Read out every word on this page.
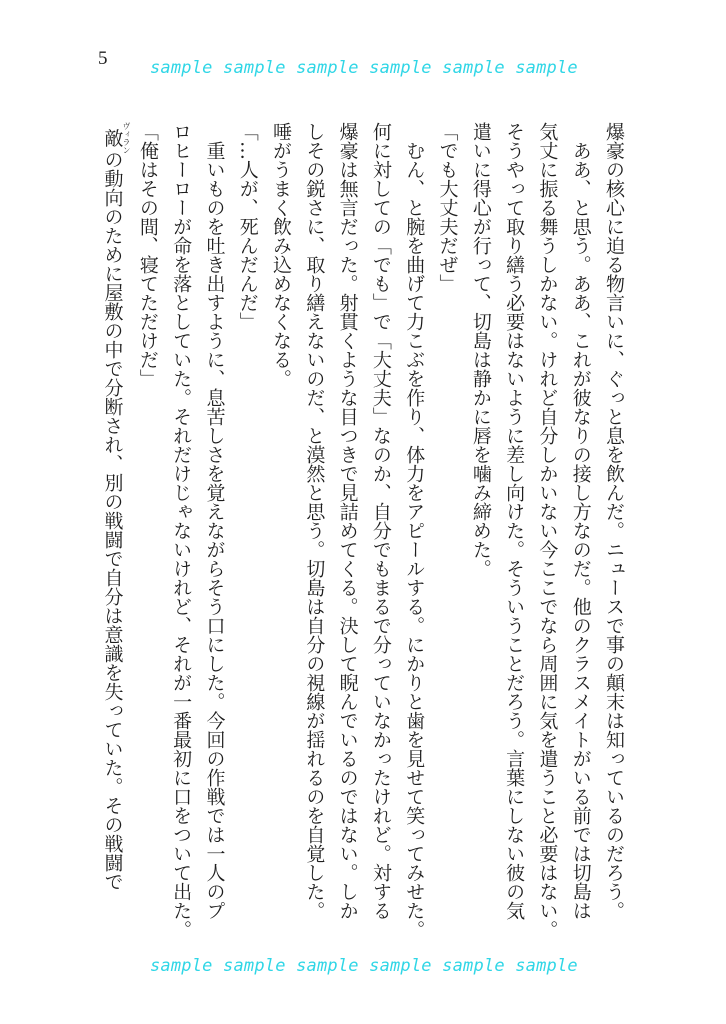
5	sample sample sample sample sample sample
爆豪の核心に迫る物言いに、ぐっと息を飲んだ。ニュースで事の顛末は知っているのだろう。
ああ、と思う。ああ、これが彼なりの接し方なのだ。他のクラスメイトがいる前では切島は
気丈に振る舞うしかない。けれど自分しかいない今ここでなら周囲に気を遣うこと必要はない。
そうやって取り繕う必要はないように差し向けた。そういうことだろう。言葉にしない彼の気
遣いに得心が行って、切島は静かに唇を噛み締めた。
「でも大丈夫だぜ」
むん、と腕を曲げて力こぶを作り、体力をアピールする。にかりと歯を見せて笑ってみせた。
何に対しての「でも」で「大丈夫」なのか、自分でもまるで分っていなかったけれど。対する
爆豪は無言だった。射貫くような目つきで見詰めてくる。決して睨んでいるのではない。しか
しその鋭さに、取り繕えないのだ、と漠然と思う。切島は自分の視線が揺れるのを自覚した。
唾がうまく飲み込めなくなる。
「…人が、死んだんだ」
重いものを吐き出すように、息苦しさを覚えながらそう口にした。今回の作戦では一人のプ
ロヒーローが命を落としていた。それだけじゃないけれど、それが一番最初に口をついて出た。
「俺はその間、寝てただけだ」
敵ヴィランの動向のために屋敷の中で分断され、別の戦闘で自分は意識を失っていた。その戦闘で
sample sample sample sample sample sample
